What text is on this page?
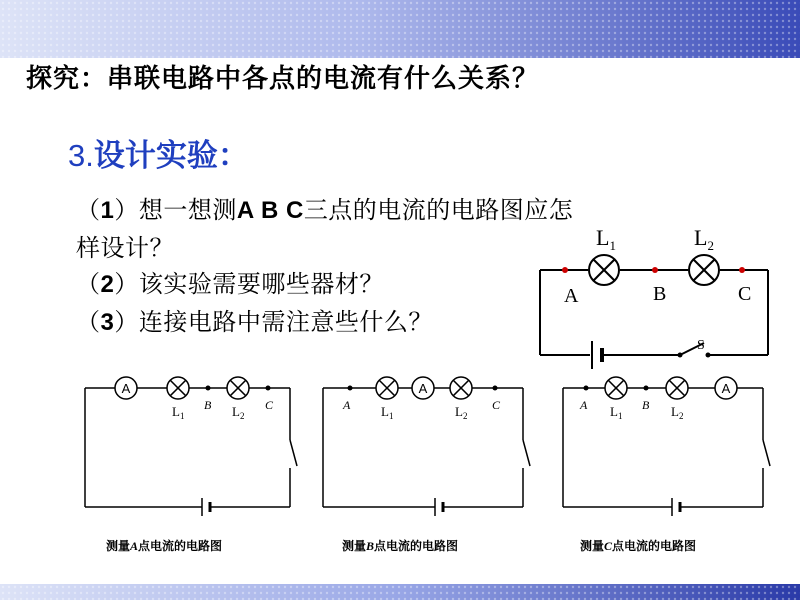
探究：串联电路中各点的电流有什么关系？
3.设计实验：
（1）想一想测A B C三点的电流的电路图应怎
样设计？
（2）该实验需要哪些器材？
（3）连接电路中需注意些什么？
$L_1$	$L_2$
A	B	C
S
A
$L_1$	$L_2$
B	C
测量A点电流的电路图
A
$L_1$	$L_2$
A	C
测量B点电流的电路图
A
$L_1$	$L_2$
A	B
测量C点电流的电路图
